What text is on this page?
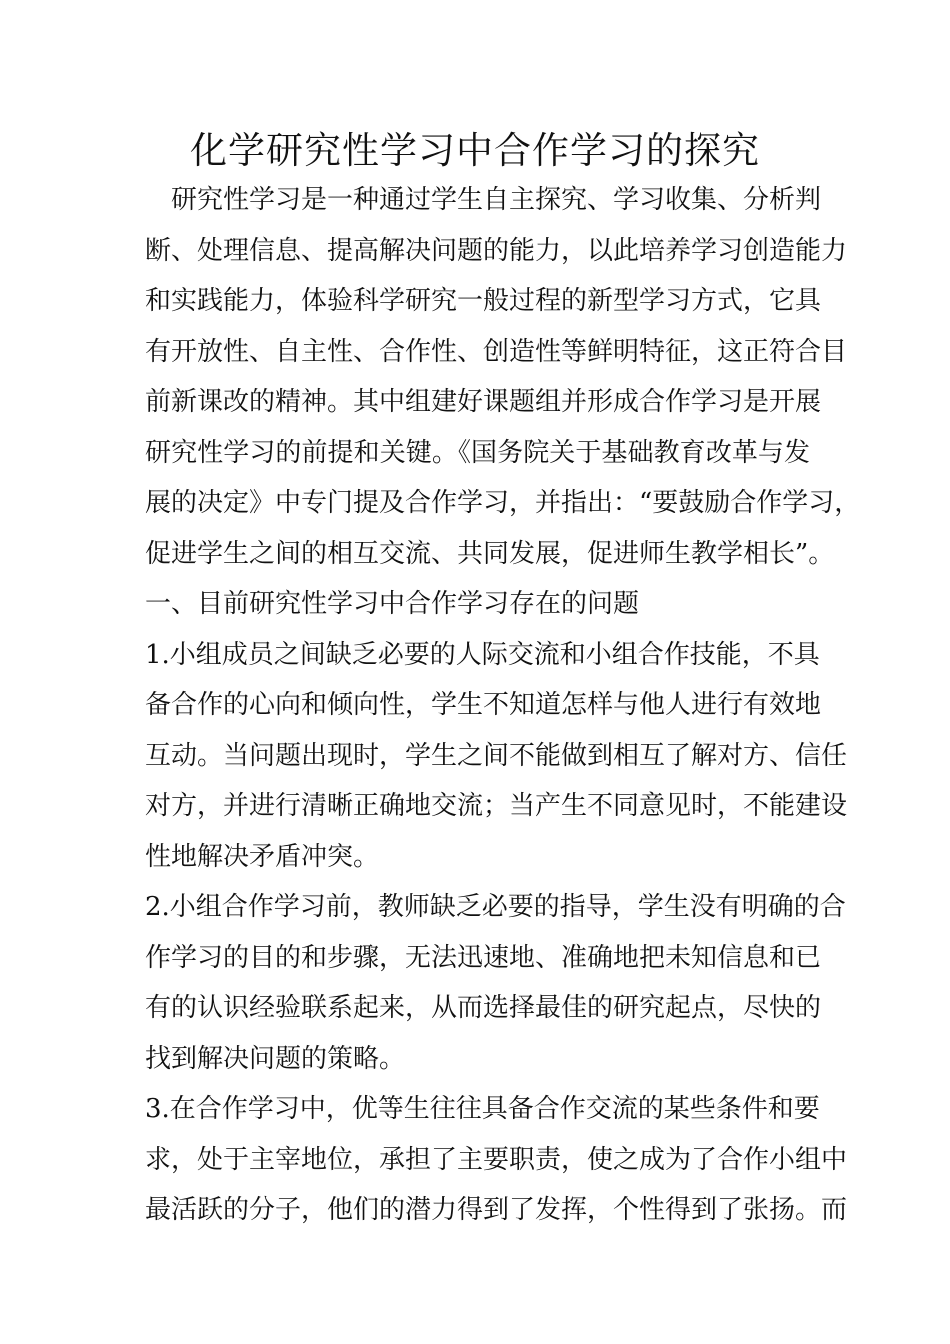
化学研究性学习中合作学习的探究
研究性学习是一种通过学生自主探究、学习收集、分析判
断、处理信息、提高解决问题的能力，以此培养学习创造能力
和实践能力，体验科学研究一般过程的新型学习方式，它具
有开放性、自主性、合作性、创造性等鲜明特征，这正符合目
前新课改的精神。其中组建好课题组并形成合作学习是开展
研究性学习的前提和关键。《国务院关于基础教育改革与发
展的决定》中专门提及合作学习，并指出：“要鼓励合作学习，
促进学生之间的相互交流、共同发展，促进师生教学相长”。
一、目前研究性学习中合作学习存在的问题
1.小组成员之间缺乏必要的人际交流和小组合作技能，不具
备合作的心向和倾向性，学生不知道怎样与他人进行有效地
互动。当问题出现时，学生之间不能做到相互了解对方、信任
对方，并进行清晰正确地交流；当产生不同意见时，不能建设
性地解决矛盾冲突。
2.小组合作学习前，教师缺乏必要的指导，学生没有明确的合
作学习的目的和步骤，无法迅速地、准确地把未知信息和已
有的认识经验联系起来，从而选择最佳的研究起点，尽快的
找到解决问题的策略。
3.在合作学习中，优等生往往具备合作交流的某些条件和要
求，处于主宰地位，承担了主要职责，使之成为了合作小组中
最活跃的分子，他们的潜力得到了发挥，个性得到了张扬。而
